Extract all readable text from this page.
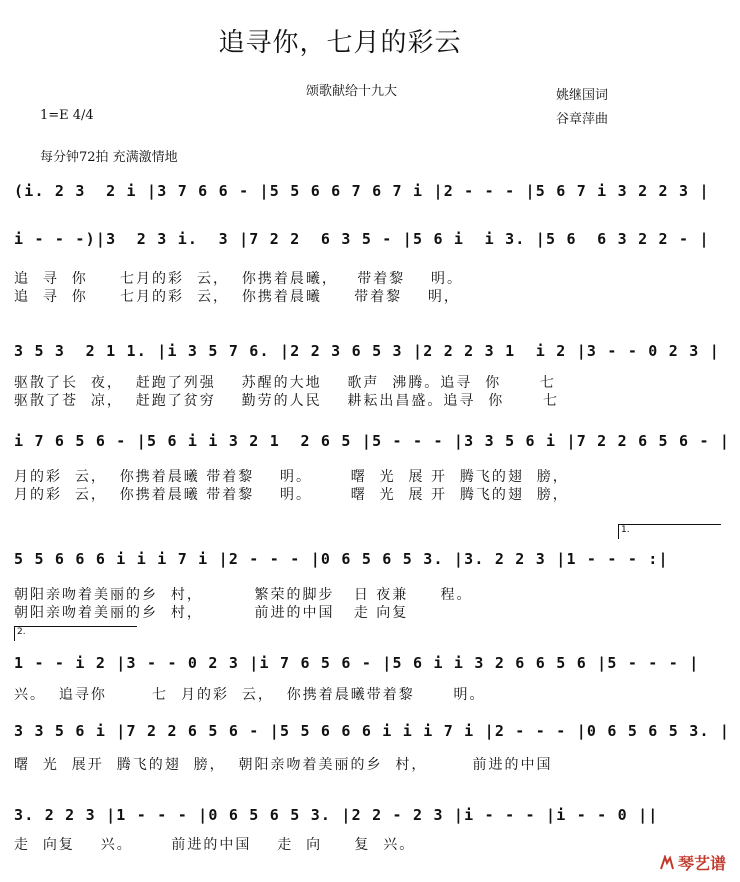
追寻你，七月的彩云
颂歌献给十九大	姚继国词
谷章萍曲
1=E 4/4
每分钟72拍 充满激情地
(i. 2 3  2 i |3 7 6 6 - |5 5 6 6 7 6 7 i |2 - - - |5 6 7 i 3 2 2 3 |
i - - -)|3  2 3 i.  3 |7 2 2  6 3 5 - |5 6 i  i 3. |5 6  6 3 2 2 - |
追  寻  你     七月的彩  云，  你携着晨曦，   带着黎    明。
追  寻  你     七月的彩  云，  你携着晨曦     带着黎    明，
3 5 3  2 1 1. |i 3 5 7 6. |2 2 3 6 5 3 |2 2 2 3 1  i 2 |3 - - 0 2 3 |
驱散了长  夜，  赶跑了列强    苏醒的大地    歌声  沸腾。追寻  你      七
驱散了苍  凉，  赶跑了贫穷    勤劳的人民    耕耘出昌盛。追寻  你      七
i 7 6 5 6 - |5 6 i i 3 2 1  2 6 5 |5 - - - |3 3 5 6 i |7 2 2 6 5 6 - |
月的彩  云，  你携着晨曦 带着黎    明。      曙  光  展 开  腾飞的翅  膀，
月的彩  云，  你携着晨曦 带着黎    明。      曙  光  展 开  腾飞的翅  膀，
1.
5 5 6 6 6 i i i 7 i |2 - - - |0 6 5 6 5 3. |3. 2 2 3 |1 - - - :|
朝阳亲吻着美丽的乡  村，        繁荣的脚步   日 夜兼     程。
朝阳亲吻着美丽的乡  村，        前进的中国   走 向复
2.
1 - - i 2 |3 - - 0 2 3 |i 7 6 5 6 - |5 6 i i 3 2 6 6 5 6 |5 - - - |
兴。  追寻你       七  月的彩  云，  你携着晨曦带着黎      明。
3 3 5 6 i |7 2 2 6 5 6 - |5 5 6 6 6 i i i 7 i |2 - - - |0 6 5 6 5 3. |
曙  光  展开  腾飞的翅  膀，  朝阳亲吻着美丽的乡  村，       前进的中国
3. 2 2 3 |1 - - - |0 6 5 6 5 3. |2 2 - 2 3 |i - - - |i - - 0 ||
走  向复    兴。      前进的中国    走  向     复  兴。
琴艺谱
